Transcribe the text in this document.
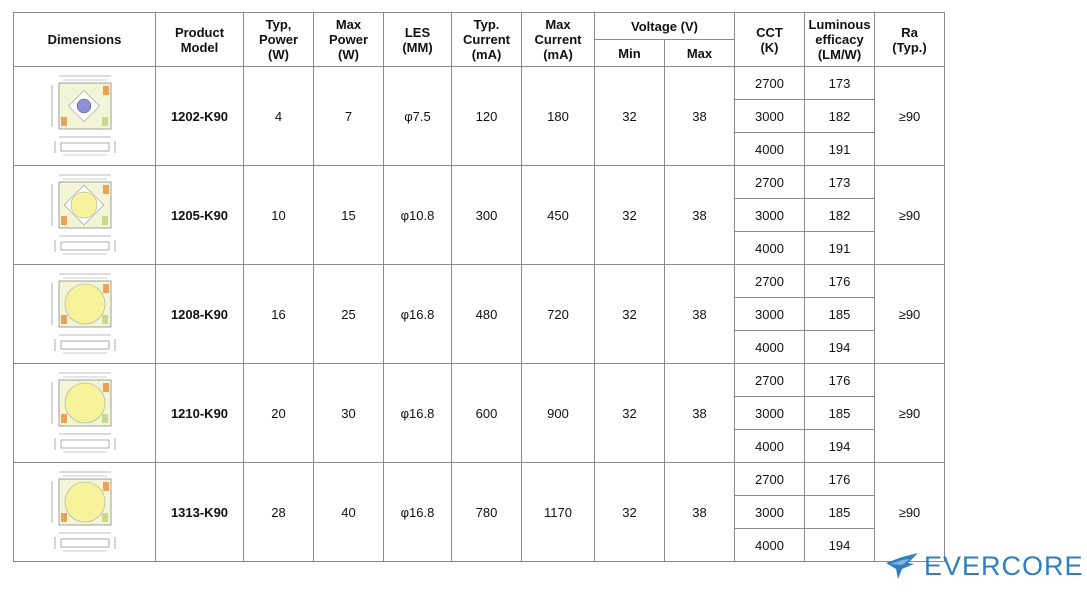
Dimensions	Product Model	Typ, Power (W)	Max Power (W)	LES (MM)	Typ. Current (mA)	Max Current (mA)	Voltage (V)		CCT (K)	Luminous efficacy (LM/W)	Ra (Typ.)
							Min	Max			

	1202-K90	4	7	φ7.5	120	180	32	38	2700	173	≥90
									3000	182	
									4000	191	

	1205-K90	10	15	φ10.8	300	450	32	38	2700	173	≥90
									3000	182	
									4000	191	

	1208-K90	16	25	φ16.8	480	720	32	38	2700	176	≥90
									3000	185	
									4000	194	

	1210-K90	20	30	φ16.8	600	900	32	38	2700	176	≥90
									3000	185	
									4000	194	

	1313-K90	28	40	φ16.8	780	1170	32	38	2700	176	≥90
									3000	185	
									4000	194	
EVERCORE
